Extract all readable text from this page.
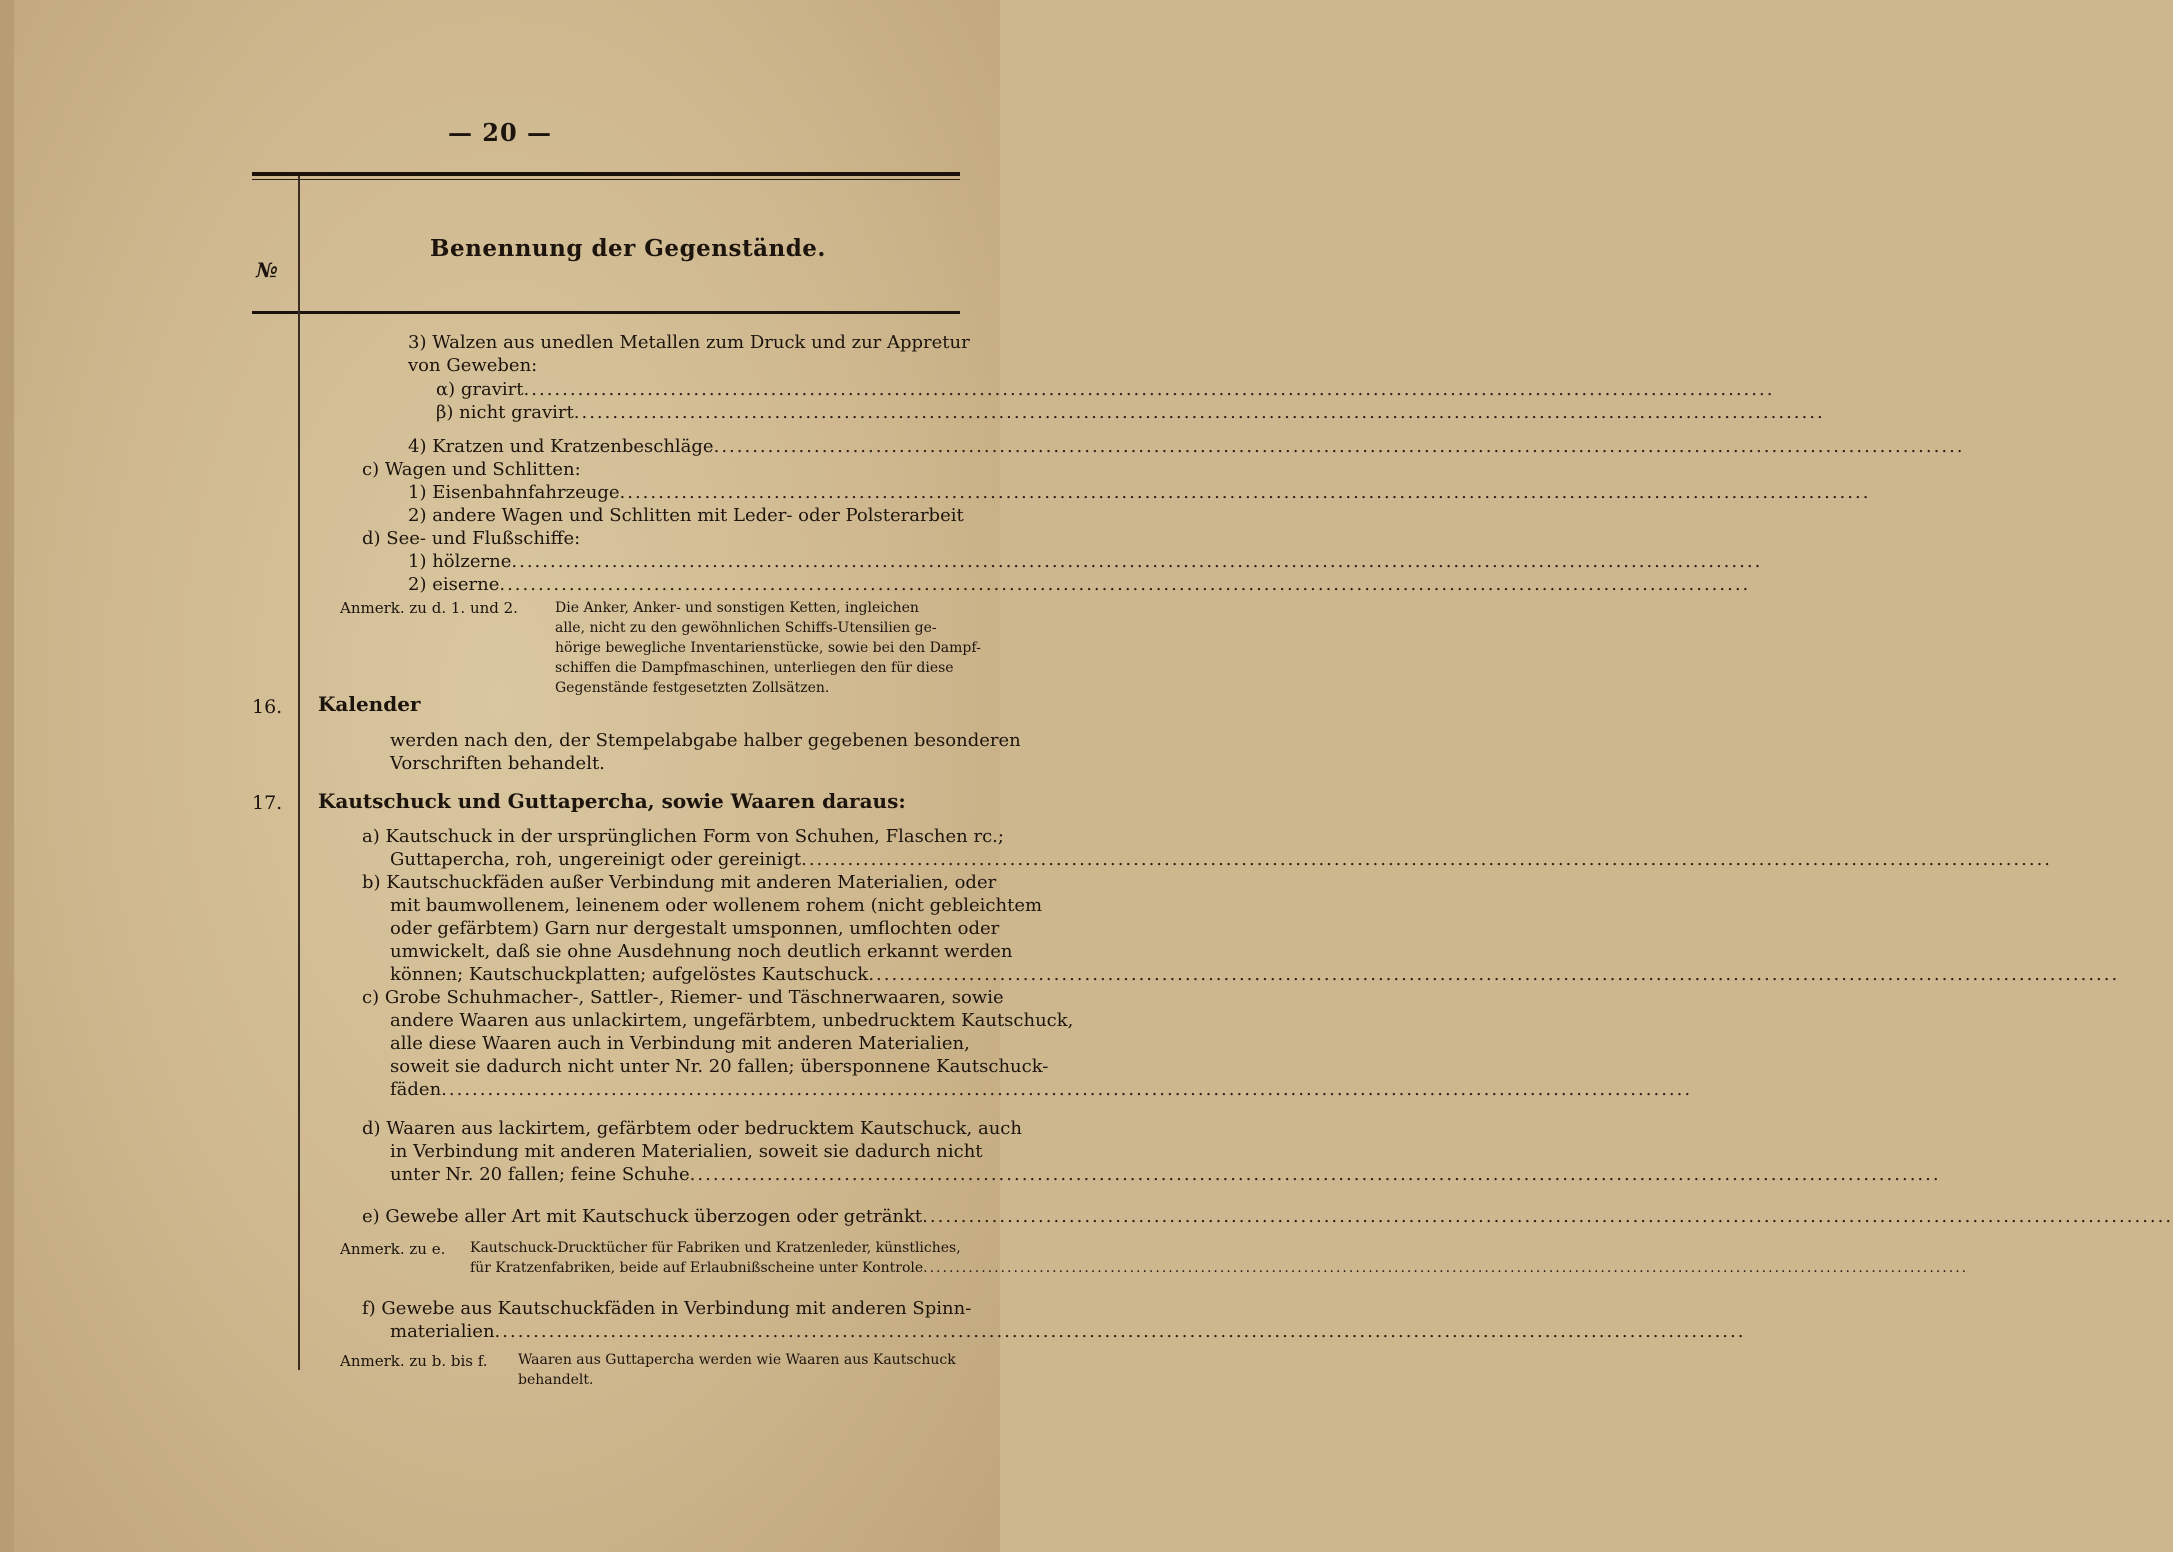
— 20 —
№
Benennung der Gegenstände.
3) Walzen aus unedlen Metallen zum Druck und zur Appretur
von Geweben:
α) gravirt
.....
β) nicht gravirt
.....
4) Kratzen und Kratzenbeschläge
.....
c) Wagen und Schlitten:
1) Eisenbahnfahrzeuge
.....
2) andere Wagen und Schlitten mit Leder- oder Polsterarbeit
d) See- und Flußschiffe:
1) hölzerne
.....
2) eiserne
.....
Anmerk. zu d. 1. und 2.	Die Anker, Anker- und sonstigen Ketten, ingleichen
alle, nicht zu den gewöhnlichen Schiffs-Utensilien ge-
hörige bewegliche Inventarienstücke, sowie bei den Dampf-
schiffen die Dampfmaschinen, unterliegen den für diese
Gegenstände festgesetzten Zollsätzen.
16. Kalender
werden nach den, der Stempelabgabe halber gegebenen besonderen
Vorschriften behandelt.
17. Kautschuck und Guttapercha, sowie Waaren daraus:
a) Kautschuck in der ursprünglichen Form von Schuhen, Flaschen rc.;
Guttapercha, roh, ungereinigt oder gereinigt
.....
b) Kautschuckfäden außer Verbindung mit anderen Materialien, oder
mit baumwollenem, leinenem oder wollenem rohem (nicht gebleichtem
oder gefärbtem) Garn nur dergestalt umsponnen, umflochten oder
umwickelt, daß sie ohne Ausdehnung noch deutlich erkannt werden
können; Kautschuckplatten; aufgelöstes Kautschuck
.....
c) Grobe Schuhmacher-, Sattler-, Riemer- und Täschnerwaaren, sowie
andere Waaren aus unlackirtem, ungefärbtem, unbedrucktem Kautschuck,
alle diese Waaren auch in Verbindung mit anderen Materialien,
soweit sie dadurch nicht unter Nr. 20 fallen; übersponnene Kautschuck-
fäden
.....
d) Waaren aus lackirtem, gefärbtem oder bedrucktem Kautschuck, auch
in Verbindung mit anderen Materialien, soweit sie dadurch nicht
unter Nr. 20 fallen; feine Schuhe
.....
e) Gewebe aller Art mit Kautschuck überzogen oder getränkt
.....
Anmerk. zu e. Kautschuck-Drucktücher für Fabriken und Kratzenleder, künstliches,
für Kratzenfabriken, beide auf Erlaubnißscheine unter Kontrole
.....
f) Gewebe aus Kautschuckfäden in Verbindung mit anderen Spinn-
materialien
.....
Anmerk. zu b. bis f. Waaren aus Guttapercha werden wie Waaren aus Kautschuck
behandelt.
